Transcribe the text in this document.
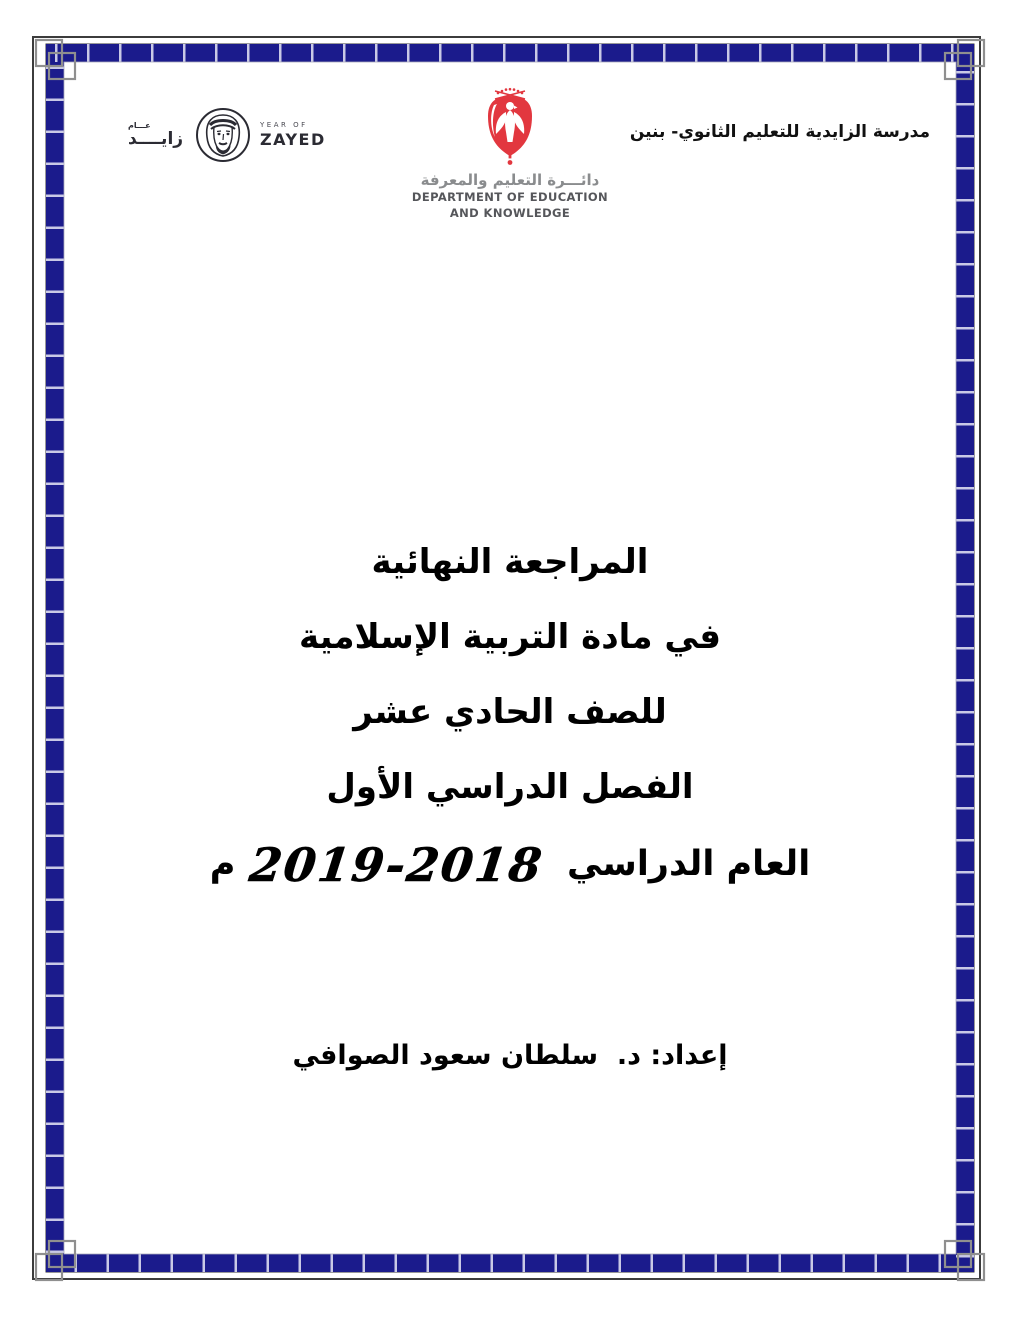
عـــام
زايــــد
YEAR OF
ZAYED
دائـــرة التعليم والمعرفة
DEPARTMENT OF EDUCATION
AND KNOWLEDGE
مدرسة الزايدية للتعليم الثانوي- بنين
المراجعة النهائية
في مادة التربية الإسلامية
للصف الحادي عشر
الفصل الدراسي الأول
العام الدراسي 2019-2018 م
إعداد: د.  سلطان سعود الصوافي
